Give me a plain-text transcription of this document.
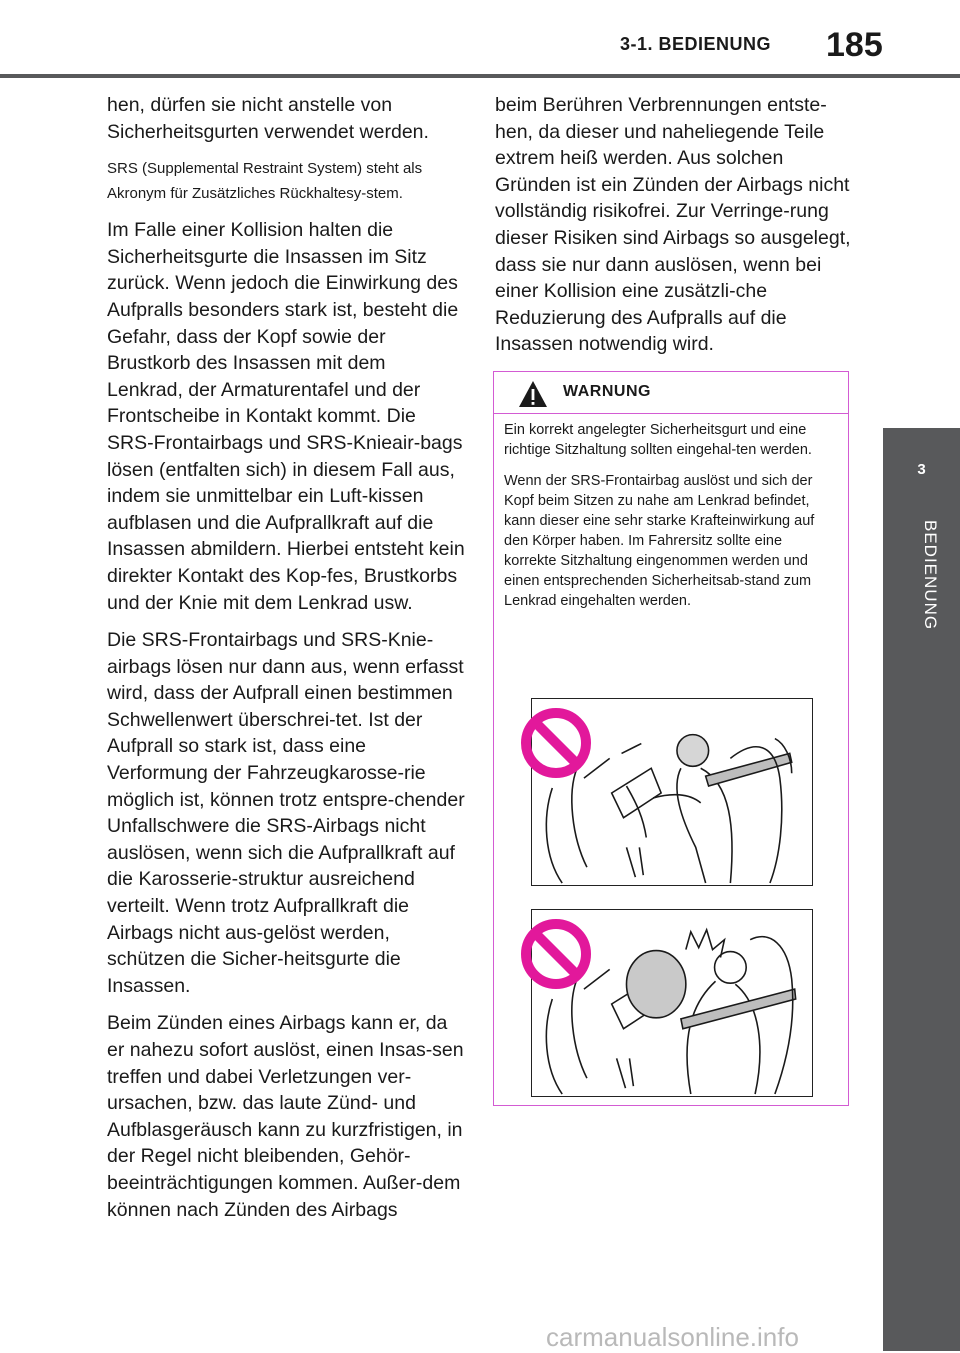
3-1. BEDIENUNG 185
3
BEDIENUNG

hen, dürfen sie nicht anstelle von Sicherheitsgurten verwendet werden.

SRS (Supplemental Restraint System) steht als Akronym für Zusätzliches Rückhaltesy-stem.

Im Falle einer Kollision halten die Sicherheitsgurte die Insassen im Sitz zurück. Wenn jedoch die Einwirkung des Aufpralls besonders stark ist, besteht die Gefahr, dass der Kopf sowie der Brustkorb des Insassen mit dem Lenkrad, der Armaturentafel und der Frontscheibe in Kontakt kommt. Die SRS-Frontairbags und SRS-Knieair-bags lösen (entfalten sich) in diesem Fall aus, indem sie unmittelbar ein Luft-kissen aufblasen und die Aufprallkraft auf die Insassen abmildern. Hierbei entsteht kein direkter Kontakt des Kop-fes, Brustkorbs und der Knie mit dem Lenkrad usw.

Die SRS-Frontairbags und SRS-Knie-airbags lösen nur dann aus, wenn erfasst wird, dass der Aufprall einen bestimmen Schwellenwert überschrei-tet. Ist der Aufprall so stark ist, dass eine Verformung der Fahrzeugkarosse-rie möglich ist, können trotz entspre-chender Unfallschwere die SRS-Airbags nicht auslösen, wenn sich die Aufprallkraft auf die Karosserie-struktur ausreichend verteilt. Wenn trotz Aufprallkraft die Airbags nicht aus-gelöst werden, schützen die Sicher-heitsgurte die Insassen.

Beim Zünden eines Airbags kann er, da er nahezu sofort auslöst, einen Insas-sen treffen und dabei Verletzungen ver-ursachen, bzw. das laute Zünd- und Aufblasgeräusch kann zu kurzfristigen, in der Regel nicht bleibenden, Gehör-beeinträchtigungen kommen. Außer-dem können nach Zünden des Airbags

beim Berühren Verbrennungen entste-hen, da dieser und naheliegende Teile extrem heiß werden. Aus solchen Gründen ist ein Zünden der Airbags nicht vollständig risikofrei. Zur Verringe-rung dieser Risiken sind Airbags so ausgelegt, dass sie nur dann auslösen, wenn bei einer Kollision eine zusätzli-che Reduzierung des Aufpralls auf die Insassen notwendig wird.

WARNUNG

Ein korrekt angelegter Sicherheitsgurt und eine richtige Sitzhaltung sollten eingehal-ten werden.

Wenn der SRS-Frontairbag auslöst und sich der Kopf beim Sitzen zu nahe am Lenkrad befindet, kann dieser eine sehr starke Krafteinwirkung auf den Körper haben. Im Fahrersitz sollte eine korrekte Sitzhaltung eingenommen werden und einen entsprechenden Sicherheitsab-stand zum Lenkrad eingehalten werden.

carmanualsonline.info
